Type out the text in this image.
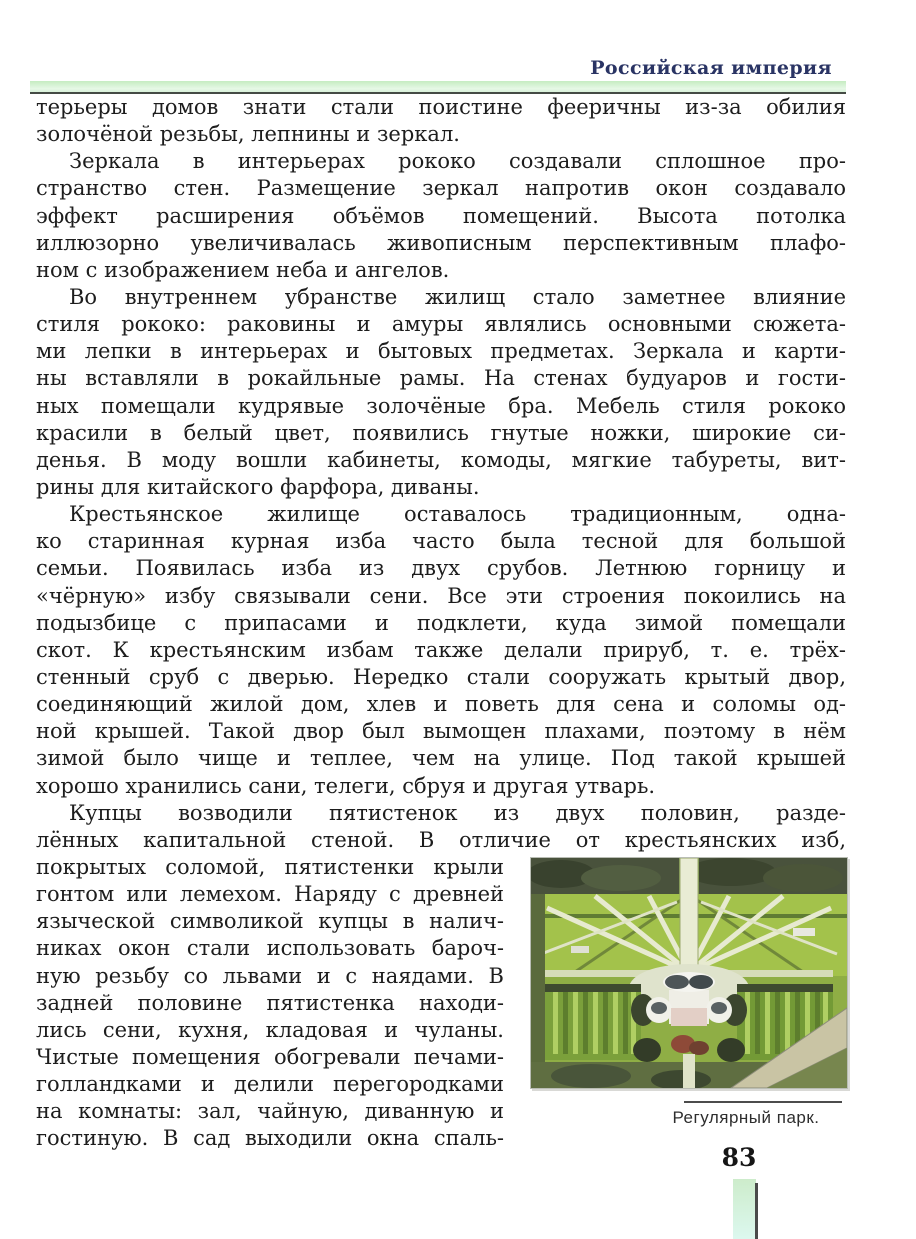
Российская империя
терьеры домов знати стали поистине фееричны из-за обилия
золочёной резьбы, лепнины и зеркал.
Зеркала в интерьерах рококо создавали сплошное про-
странство стен. Размещение зеркал напротив окон создавало
эффект расширения объёмов помещений. Высота потолка
иллюзорно увеличивалась живописным перспективным плафо-
ном с изображением неба и ангелов.
Во внутреннем убранстве жилищ стало заметнее влияние
стиля рококо: раковины и амуры являлись основными сюжета-
ми лепки в интерьерах и бытовых предметах. Зеркала и карти-
ны вставляли в рокайльные рамы. На стенах будуаров и гости-
ных помещали кудрявые золочёные бра. Мебель стиля рококо
красили в белый цвет, появились гнутые ножки, широкие си-
денья. В моду вошли кабинеты, комоды, мягкие табуреты, вит-
рины для китайского фарфора, диваны.
Крестьянское жилище оставалось традиционным, одна-
ко старинная курная изба часто была тесной для большой
семьи. Появилась изба из двух срубов. Летнюю горницу и
«чёрную» избу связывали сени. Все эти строения покоились на
подызбице с припасами и подклети, куда зимой помещали
скот. К крестьянским избам также делали прируб, т. е. трёх-
стенный сруб с дверью. Нередко стали сооружать крытый двор,
соединяющий жилой дом, хлев и поветь для сена и соломы од-
ной крышей. Такой двор был вымощен плахами, поэтому в нём
зимой было чище и теплее, чем на улице. Под такой крышей
хорошо хранились сани, телеги, сбруя и другая утварь.
Купцы возводили пятистенок из двух половин, разде-
лённых капитальной стеной. В отличие от крестьянских изб,
покрытых соломой, пятистенки крыли
гонтом или лемехом. Наряду с древней
языческой символикой купцы в налич-
никах окон стали использовать бароч-
ную резьбу со львами и с наядами. В
задней половине пятистенка находи-
лись сени, кухня, кладовая и чуланы.
Чистые помещения обогревали печами-
голландками и делили перегородками
на комнаты: зал, чайную, диванную и
гостиную. В сад выходили окна спаль-
Регулярный парк.
83
